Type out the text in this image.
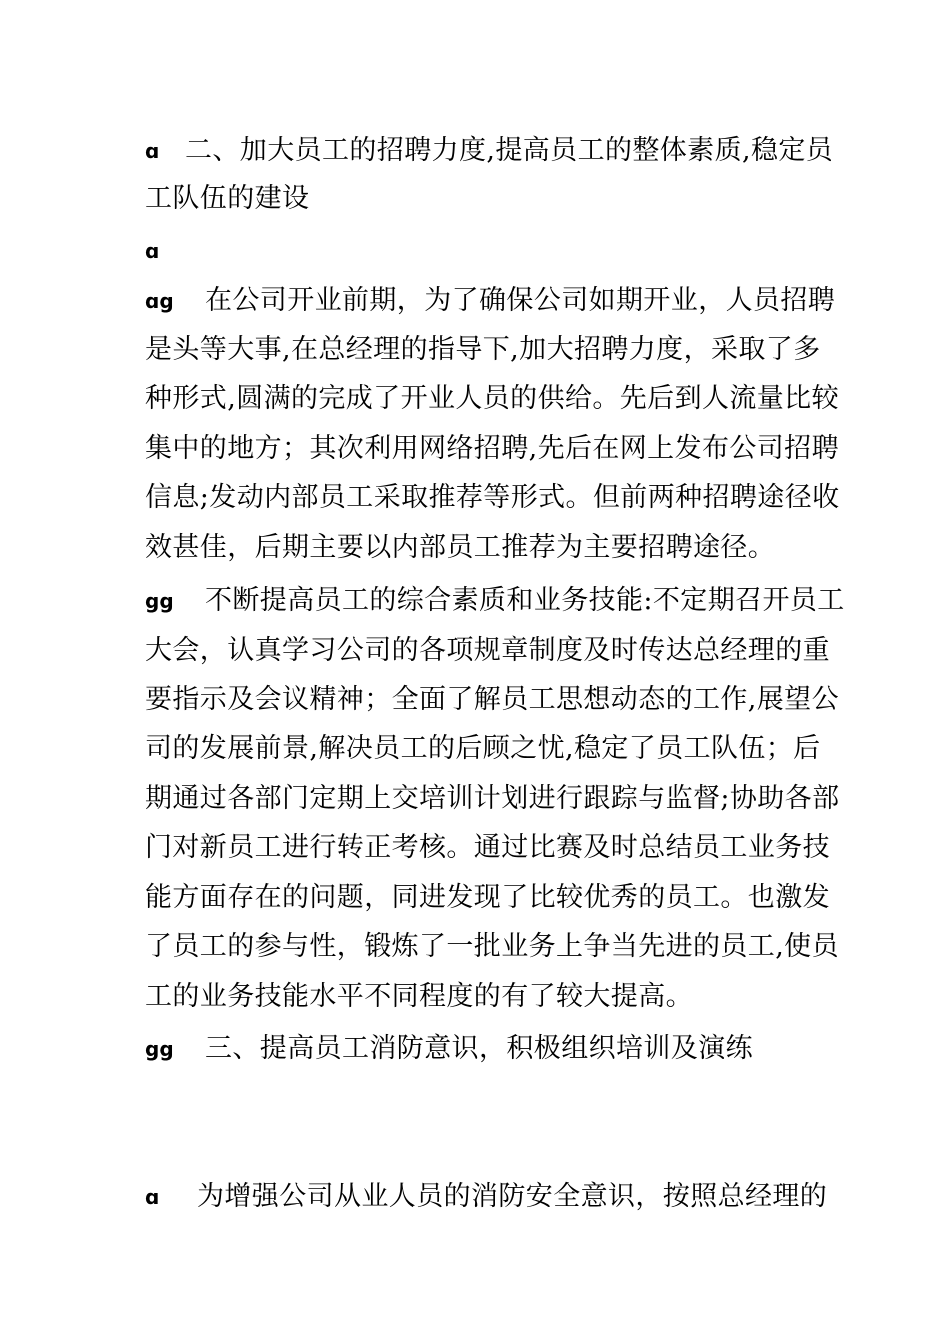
ɑ 二、加大员工的招聘力度,提高员工的整体素质,稳定员
工队伍的建设
ɑ
ɑg 在公司开业前期，为了确保公司如期开业，人员招聘
是头等大事,在总经理的指导下,加大招聘力度，采取了多
种形式,圆满的完成了开业人员的供给。先后到人流量比较
集中的地方；其次利用网络招聘,先后在网上发布公司招聘
信息;发动内部员工采取推荐等形式。但前两种招聘途径收
效甚佳，后期主要以内部员工推荐为主要招聘途径。
gg 不断提高员工的综合素质和业务技能:不定期召开员工
大会，认真学习公司的各项规章制度及时传达总经理的重
要指示及会议精神；全面了解员工思想动态的工作,展望公
司的发展前景,解决员工的后顾之忧,稳定了员工队伍；后
期通过各部门定期上交培训计划进行跟踪与监督;协助各部
门对新员工进行转正考核。通过比赛及时总结员工业务技
能方面存在的问题，同进发现了比较优秀的员工。也激发
了员工的参与性，锻炼了一批业务上争当先进的员工,使员
工的业务技能水平不同程度的有了较大提高。
gg 三、提高员工消防意识，积极组织培训及演练
ɑ 为增强公司从业人员的消防安全意识，按照总经理的
